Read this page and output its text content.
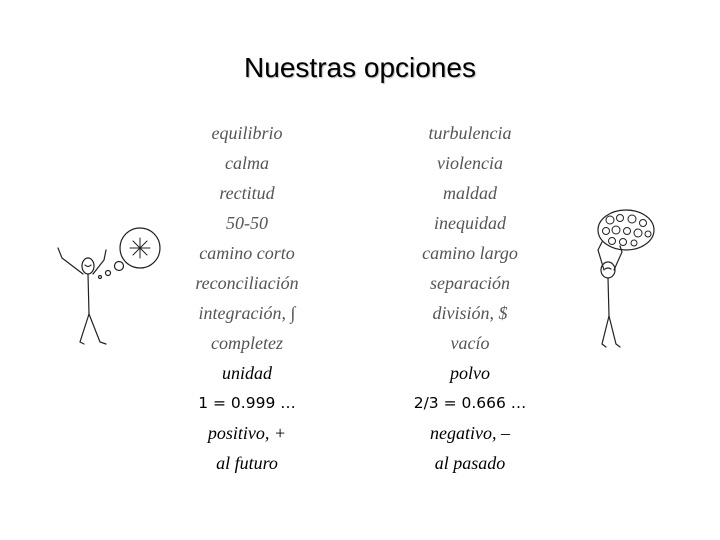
Nuestras opciones
equilibrio
calma
rectitud
50-50
camino corto
reconciliación
integración, ∫
completez
unidad
1 = 0.999 …
positivo, +
al futuro
turbulencia
violencia
maldad
inequidad
camino largo
separación
división, $
vacío
polvo
2/3 = 0.666 …
negativo, –
al pasado
